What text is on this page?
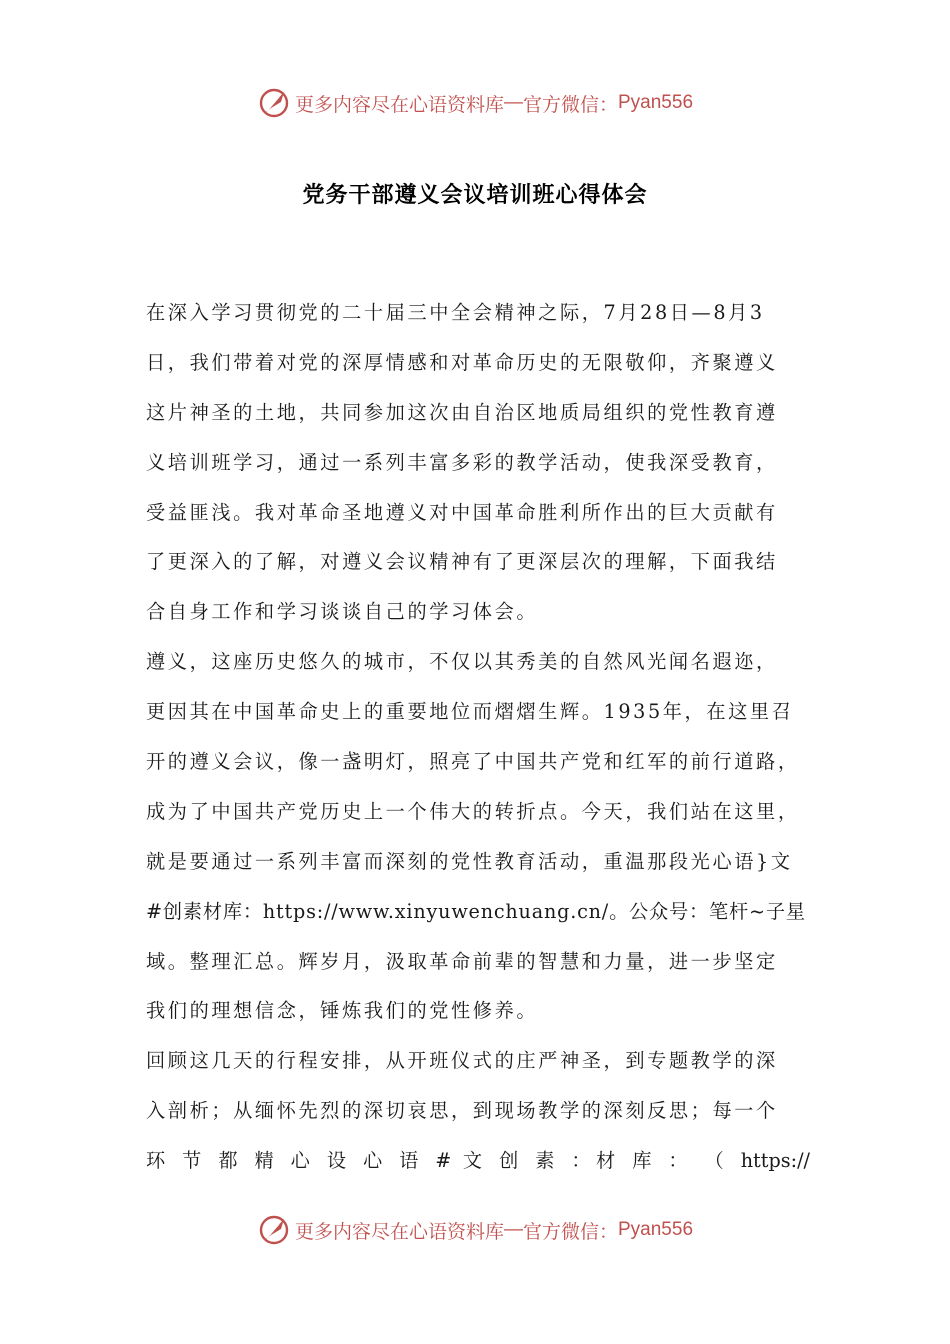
更多内容尽在心语资料库 — 官方微信： Pyan556
党务干部遵义会议培训班心得体会
在深入学习贯彻党的二十届三中全会精神之际，7月28日—8月3
日，我们带着对党的深厚情感和对革命历史的无限敬仰，齐聚遵义
这片神圣的土地，共同参加这次由自治区地质局组织的党性教育遵
义培训班学习，通过一系列丰富多彩的教学活动，使我深受教育，
受益匪浅。我对革命圣地遵义对中国革命胜利所作出的巨大贡献有
了更深入的了解，对遵义会议精神有了更深层次的理解，下面我结
合自身工作和学习谈谈自己的学习体会。
遵义，这座历史悠久的城市，不仅以其秀美的自然风光闻名遐迩，
更因其在中国革命史上的重要地位而熠熠生辉。1935年，在这里召
开的遵义会议，像一盏明灯，照亮了中国共产党和红军的前行道路，
成为了中国共产党历史上一个伟大的转折点。今天，我们站在这里，
就是要通过一系列丰富而深刻的党性教育活动，重温那段光心语}文
#创素材库：https://www.xinyuwenchuang.cn/。公众号：笔杆~子星
域。整理汇总。辉岁月，汲取革命前辈的智慧和力量，进一步坚定
我们的理想信念，锤炼我们的党性修养。
回顾这几天的行程安排，从开班仪式的庄严神圣，到专题教学的深
入剖析；从缅怀先烈的深切哀思，到现场教学的深刻反思；每一个
环 节 都 精 心 设 心 语 # 文 创 素 ：材 库 ： （ https://
更多内容尽在心语资料库 — 官方微信： Pyan556
